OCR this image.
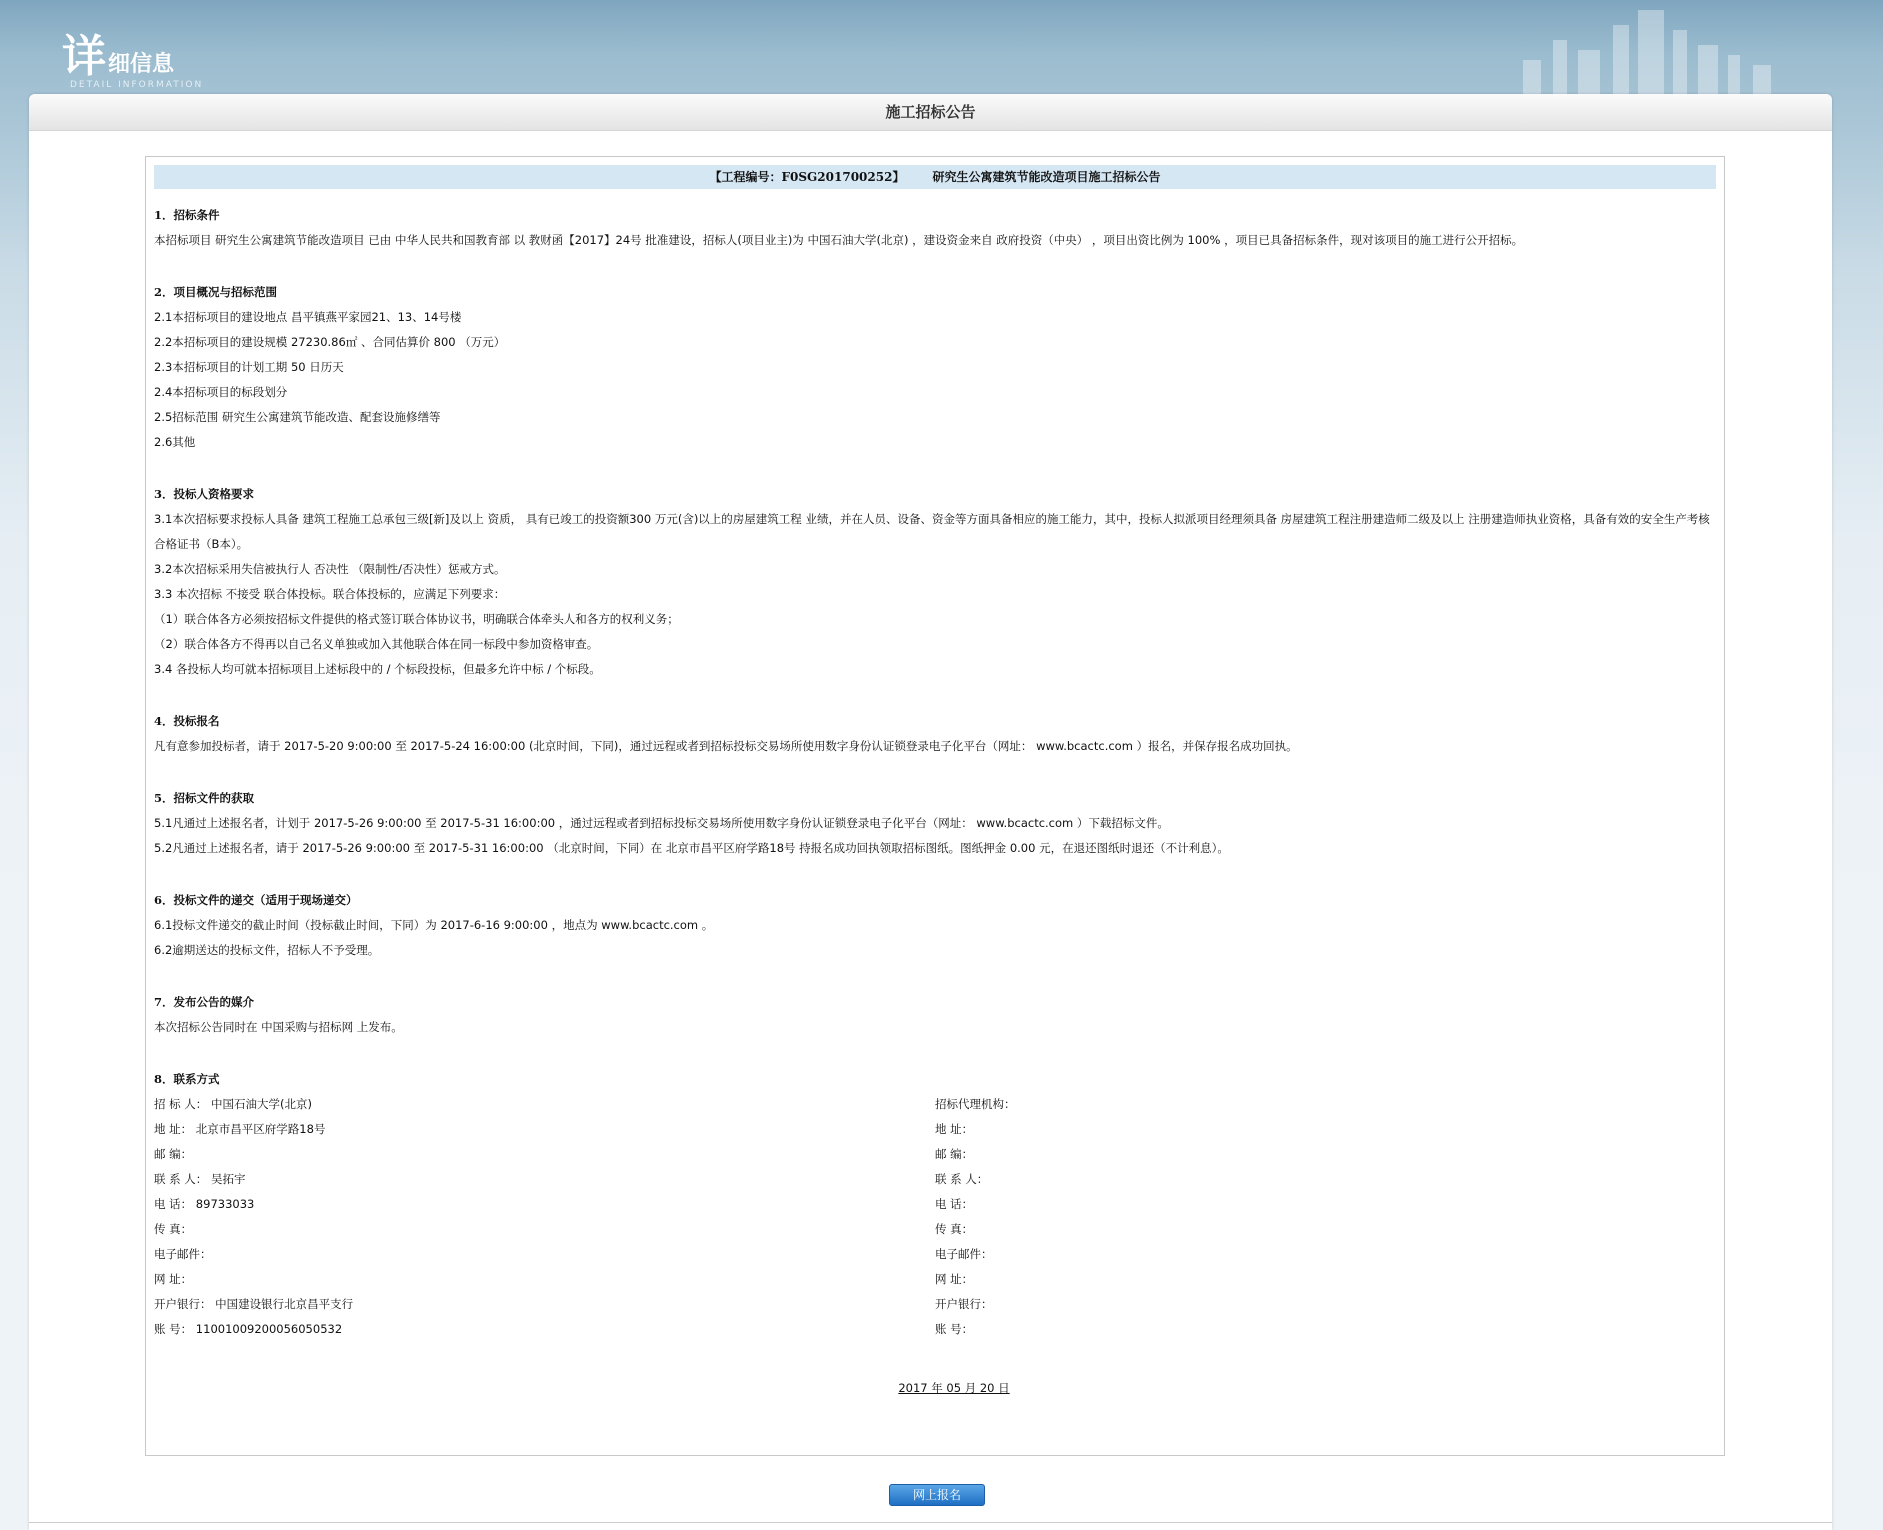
详细信息
DETAIL INFORMATION
施工招标公告
【工程编号：F0SG201700252】 研究生公寓建筑节能改造项目施工招标公告
1．招标条件
本招标项目 研究生公寓建筑节能改造项目 已由 中华人民共和国教育部 以 教财函【2017】24号 批准建设，招标人(项目业主)为 中国石油大学(北京) ，建设资金来自 政府投资（中央） ，项目出资比例为 100% ，项目已具备招标条件，现对该项目的施工进行公开招标。
2．项目概况与招标范围
2.1本招标项目的建设地点 昌平镇燕平家园21、13、14号楼
2.2本招标项目的建设规模 27230.86㎡ 、合同估算价 800 （万元）
2.3本招标项目的计划工期 50 日历天
2.4本招标项目的标段划分
2.5招标范围 研究生公寓建筑节能改造、配套设施修缮等
2.6其他
3．投标人资格要求
3.1本次招标要求投标人具备 建筑工程施工总承包三级[新]及以上 资质， 具有已竣工的投资额300 万元(含)以上的房屋建筑工程 业绩，并在人员、设备、资金等方面具备相应的施工能力，其中，投标人拟派项目经理须具备 房屋建筑工程注册建造师二级及以上 注册建造师执业资格，具备有效的安全生产考核合格证书（B本）。
3.2本次招标采用失信被执行人 否决性 （限制性/否决性）惩戒方式。
3.3 本次招标 不接受 联合体投标。联合体投标的，应满足下列要求：
（1）联合体各方必须按招标文件提供的格式签订联合体协议书，明确联合体牵头人和各方的权利义务；
（2）联合体各方不得再以自己名义单独或加入其他联合体在同一标段中参加资格审查。
3.4 各投标人均可就本招标项目上述标段中的 / 个标段投标，但最多允许中标 / 个标段。
4．投标报名
凡有意参加投标者，请于 2017-5-20 9:00:00 至 2017-5-24 16:00:00 (北京时间，下同)，通过远程或者到招标投标交易场所使用数字身份认证锁登录电子化平台（网址： www.bcactc.com ）报名，并保存报名成功回执。
5．招标文件的获取
5.1凡通过上述报名者，计划于 2017-5-26 9:00:00 至 2017-5-31 16:00:00 ，通过远程或者到招标投标交易场所使用数字身份认证锁登录电子化平台（网址： www.bcactc.com ）下载招标文件。
5.2凡通过上述报名者，请于 2017-5-26 9:00:00 至 2017-5-31 16:00:00 （北京时间，下同）在 北京市昌平区府学路18号 持报名成功回执领取招标图纸。图纸押金 0.00 元，在退还图纸时退还（不计利息）。
6．投标文件的递交（适用于现场递交）
6.1投标文件递交的截止时间（投标截止时间，下同）为 2017-6-16 9:00:00 ，地点为 www.bcactc.com 。
6.2逾期送达的投标文件，招标人不予受理。
7．发布公告的媒介
本次招标公告同时在 中国采购与招标网 上发布。
8．联系方式
招 标 人： 中国石油大学(北京)
地 址： 北京市昌平区府学路18号
邮 编：
联 系 人： 吴拓宇
电 话： 89733033
传 真：
电子邮件：
网 址：
开户银行： 中国建设银行北京昌平支行
账 号： 11001009200056050532
招标代理机构：
地 址：
邮 编：
联 系 人：
电 话：
传 真：
电子邮件：
网 址：
开户银行：
账 号：
2017 年 05 月 20 日
网上报名
